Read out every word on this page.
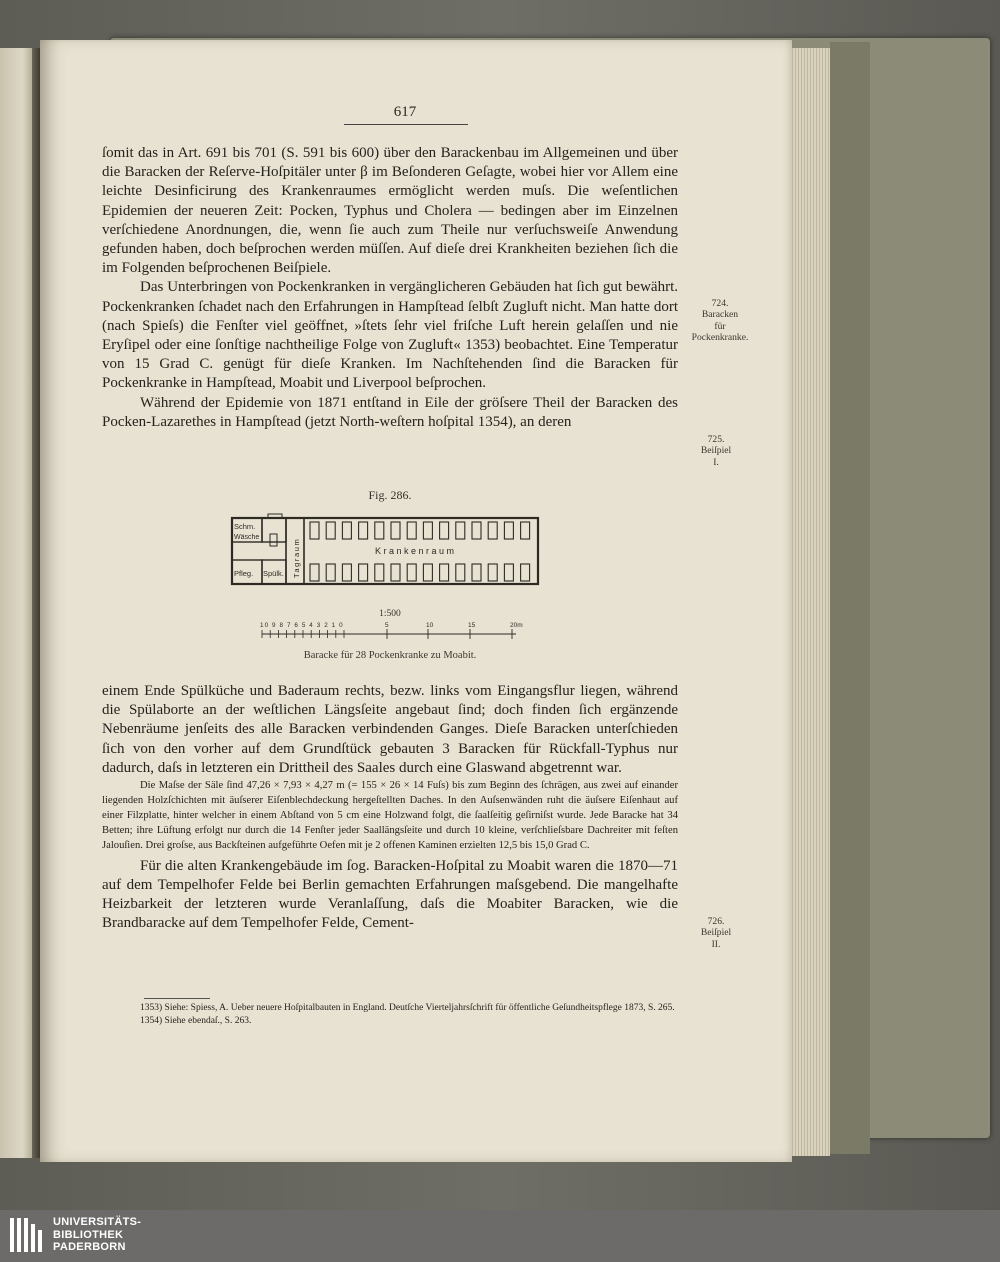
617

ſomit das in Art. 691 bis 701 (S. 591 bis 600) über den Barackenbau im Allgemeinen und über die Baracken der Reſerve-Hoſpitäler unter β im Beſonderen Geſagte, wobei hier vor Allem eine leichte Desinficirung des Krankenraumes ermöglicht werden muſs. Die weſentlichen Epidemien der neueren Zeit: Pocken, Typhus und Cholera — bedingen aber im Einzelnen verſchiedene Anordnungen, die, wenn ſie auch zum Theile nur verſuchsweiſe Anwendung gefunden haben, doch beſprochen werden müſſen. Auf dieſe drei Krankheiten beziehen ſich die im Folgenden beſprochenen Beiſpiele.

Das Unterbringen von Pockenkranken in vergänglicheren Gebäuden hat ſich gut bewährt. Pockenkranken ſchadet nach den Erfahrungen in Hampſtead ſelbſt Zugluft nicht. Man hatte dort (nach Spieſs) die Fenſter viel geöffnet, »ſtets ſehr viel friſche Luft herein gelaſſen und nie Eryſipel oder eine ſonſtige nachtheilige Folge von Zugluft« 1353) beobachtet. Eine Temperatur von 15 Grad C. genügt für dieſe Kranken. Im Nachſtehenden ſind die Baracken für Pockenkranke in Hampſtead, Moabit und Liverpool beſprochen.

Während der Epidemie von 1871 entſtand in Eile der gröſsere Theil der Baracken des Pocken-Lazarethes in Hampſtead (jetzt North-weſtern hoſpital 1354), an deren

724.
Baracken
für
Pockenkranke.
725.
Beiſpiel
I.
726.
Beiſpiel
II.
Fig. 286.
Schm.
Wäsche
Pfleg. Spülk. Tagraum	K r a n k e n r a u m
1:500
10 9 8 7 6 5 4 3 2 1 0	5	10	15	20m
Baracke für 28 Pockenkranke zu Moabit.

einem Ende Spülküche und Baderaum rechts, bezw. links vom Eingangsflur liegen, während die Spülaborte an der weſtlichen Längsſeite angebaut ſind; doch finden ſich ergänzende Nebenräume jenſeits des alle Baracken verbindenden Ganges. Dieſe Baracken unterſchieden ſich von den vorher auf dem Grundſtück gebauten 3 Baracken für Rückfall-Typhus nur dadurch, daſs in letzteren ein Drittheil des Saales durch eine Glaswand abgetrennt war.

Die Maſse der Säle ſind 47,26 × 7,93 × 4,27 m (= 155 × 26 × 14 Fuſs) bis zum Beginn des ſchrägen, aus zwei auf einander liegenden Holzſchichten mit äuſserer Eiſenblechdeckung hergeſtellten Daches. In den Auſsenwänden ruht die äuſsere Eiſenhaut auf einer Filzplatte, hinter welcher in einem Abſtand von 5 cm eine Holzwand folgt, die ſaalſeitig geſirniſst wurde. Jede Baracke hat 34 Betten; ihre Lüftung erfolgt nur durch die 14 Fenſter jeder Saallängsſeite und durch 10 kleine, verſchlieſsbare Dachreiter mit feſten Jalouſien. Drei groſse, aus Backſteinen aufgeführte Oefen mit je 2 offenen Kaminen erzielten 12,5 bis 15,0 Grad C.

Für die alten Krankengebäude im ſog. Baracken-Hoſpital zu Moabit waren die 1870—71 auf dem Tempelhofer Felde bei Berlin gemachten Erfahrungen maſsgebend. Die mangelhafte Heizbarkeit der letzteren wurde Veranlaſſung, daſs die Moabiter Baracken, wie die Brandbaracke auf dem Tempelhofer Felde, Cement-

1353) Siehe: Spiess, A. Ueber neuere Hoſpitalbauten in England. Deutſche Vierteljahrsſchrift für öffentliche Geſundheitspflege 1873, S. 265.

1354) Siehe ebendaſ., S. 263.

UNIVERSITÄTS-
BIBLIOTHEK
PADERBORN
